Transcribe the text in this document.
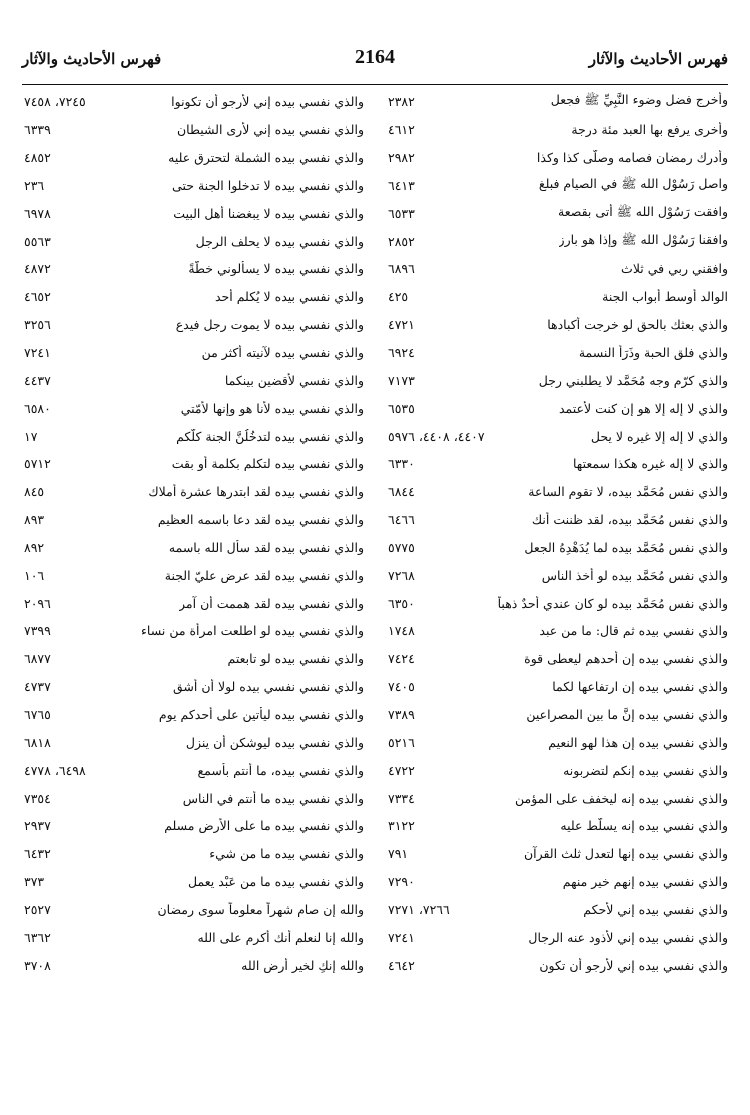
فهرس الأحاديث والآثار
2164
فهرس الأحاديث والآثار
وأخرج فضل وضوء النَّبِيِّ ﷺ فجعل
٢٣٨٢
وأخرى يرفع بها العبد مئة درجة
٤٦١٢
وأدرك رمضان فصامه وصلّى كذا وكذا
٢٩٨٢
واصل رَسُوْل الله ﷺ في الصيام فبلغ
٦٤١٣
وافقت رَسُوْل الله ﷺ أتى بقصعة
٦٥٣٣
وافقنا رَسُوْل الله ﷺ وإذا هو بارز
٢٨٥٢
وافقني ربي في ثلاث
٦٨٩٦
الوالد أوسط أبواب الجنة
٤٢٥
والذي بعثك بالحق لو خرجت أكبادها
٤٧٢١
والذي فلق الحبة وذَرَأ النسمة
٦٩٢٤
والذي كرّم وجه مُحَمَّد لا يطلبني رجل
٧١٧٣
والذي لا إله إلا هو إن كنت لأعتمد
٦٥٣٥
والذي لا إله إلا غيره لا يحل
٤٤٠٧، ٤٤٠٨، ٥٩٧٦
والذي لا إله غيره هكذا سمعتها
٦٣٣٠
والذي نفس مُحَمَّد بيده، لا تقوم الساعة
٦٨٤٤
والذي نفس مُحَمَّد بيده، لقد ظننت أنك
٦٤٦٦
والذي نفس مُحَمَّد بيده لما يُدَهْدِهُ الجعل
٥٧٧٥
والذي نفس مُحَمَّد بيده لو أخذ الناس
٧٢٦٨
والذي نفس مُحَمَّد بيده لو كان عندي أُحدٌ ذهباً
٦٣٥٠
والذي نفسي بيده ثم قال: ما من عبد
١٧٤٨
والذي نفسي بيده إن أحدهم ليعطى قوة
٧٤٢٤
والذي نفسي بيده إن ارتفاعها لكما
٧٤٠٥
والذي نفسي بيده إنَّ ما بين المصراعين
٧٣٨٩
والذي نفسي بيده إن هذا لهو النعيم
٥٢١٦
والذي نفسي بيده إنكم لتضربونه
٤٧٢٢
والذي نفسي بيده إنه ليخفف على المؤمن
٧٣٣٤
والذي نفسي بيده إنه يسلّط عليه
٣١٢٢
والذي نفسي بيده إنها لتعدل ثلث القرآن
٧٩١
والذي نفسي بيده إنهم خير منهم
٧٢٩٠
والذي نفسي بيده إني لأحكم
٧٢٦٦، ٧٢٧١
والذي نفسي بيده إني لأذود عنه الرجال
٧٢٤١
والذي نفسي بيده إني لأرجو أن تكون
٤٦٤٢
والذي نفسي بيده إني لأرجو أن تكونوا
٧٢٤٥، ٧٤٥٨
والذي نفسي بيده إني لأرى الشيطان
٦٣٣٩
والذي نفسي بيده الشملة لتحترق عليه
٤٨٥٢
والذي نفسي بيده لا تدخلوا الجنة حتى
٢٣٦
والذي نفسي بيده لا يبغضنا أهل البيت
٦٩٧٨
والذي نفسي بيده لا يحلف الرجل
٥٥٦٣
والذي نفسي بيده لا يسألوني خطَّةً
٤٨٧٢
والذي نفسي بيده لا يُكلم أحد
٤٦٥٢
والذي نفسي بيده لا يموت رجل فيدع
٣٢٥٦
والذي نفسي بيده لآنيته أكثر من
٧٢٤١
والذي نفسي لأقضين بينكما
٤٤٣٧
والذي نفسي بيده لأنا هو وإنها لأُمّتي
٦٥٨٠
والذي نفسي بيده لتدخُلُنَّ الجنة كلّكم
١٧
والذي نفسي بيده لتكلم بكلمة أو بقت
٥٧١٢
والذي نفسي بيده لقد ابتدرها عشرة أملاك
٨٤٥
والذي نفسي بيده لقد دعا باسمه العظيم
٨٩٣
والذي نفسي بيده لقد سأل الله باسمه
٨٩٢
والذي نفسي بيده لقد عرض عليّ الجنة
١٠٦
والذي نفسي بيده لقد هممت أن آمر
٢٠٩٦
والذي نفسي بيده لو اطلعت امرأة من نساء
٧٣٩٩
والذي نفسي بيده لو تابعتم
٦٨٧٧
والذي نفسي نفسي بيده لولا أن أشق
٤٧٣٧
والذي نفسي بيده ليأتين على أحدكم يوم
٦٧٦٥
والذي نفسي بيده ليوشكن أن ينزل
٦٨١٨
والذي نفسي بيده، ما أنتم بأسمع
٦٤٩٨، ٤٧٧٨
والذي نفسي بيده ما أنتم في الناس
٧٣٥٤
والذي نفسي بيده ما على الأرض مسلم
٢٩٣٧
والذي نفسي بيده ما من شيء
٦٤٣٢
والذي نفسي بيده ما من عَبْد يعمل
٣٧٣
والله إن صام شهراً معلوماً سوى رمضان
٢٥٢٧
والله إنا لنعلم أنك أكرم على الله
٦٣٦٢
والله إنكِ لخير أرض الله
٣٧٠٨
